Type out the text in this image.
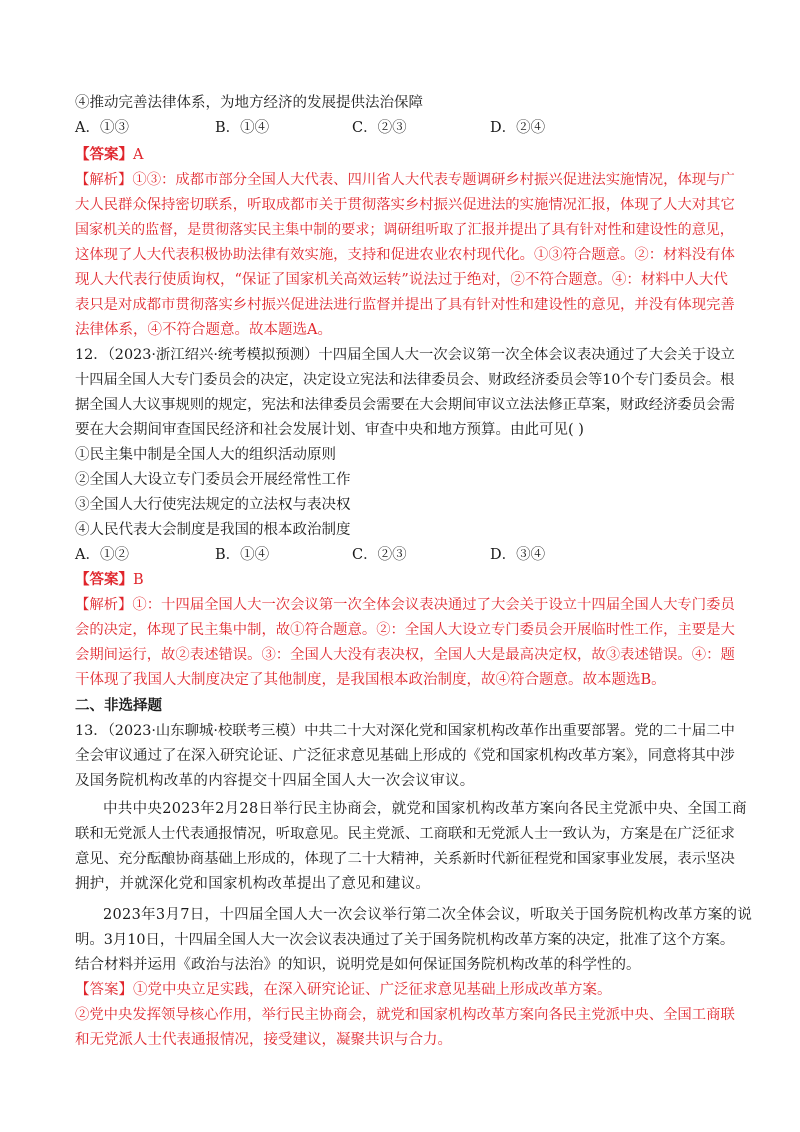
④推动完善法律体系，为地方经济的发展提供法治保障
A．①③	B．①④	C．②③	D．②④
【答案】A
【解析】①③：成都市部分全国人大代表、四川省人大代表专题调研乡村振兴促进法实施情况，体现与广
大人民群众保持密切联系，听取成都市关于贯彻落实乡村振兴促进法的实施情况汇报，体现了人大对其它
国家机关的监督，是贯彻落实民主集中制的要求；调研组听取了汇报并提出了具有针对性和建设性的意见，
这体现了人大代表积极协助法律有效实施，支持和促进农业农村现代化。①③符合题意。②：材料没有体
现人大代表行使质询权，“保证了国家机关高效运转”说法过于绝对，②不符合题意。④：材料中人大代
表只是对成都市贯彻落实乡村振兴促进法进行监督并提出了具有针对性和建设性的意见，并没有体现完善
法律体系，④不符合题意。故本题选A。
12．（2023·浙江绍兴·统考模拟预测）十四届全国人大一次会议第一次全体会议表决通过了大会关于设立
十四届全国人大专门委员会的决定，决定设立宪法和法律委员会、财政经济委员会等10个专门委员会。根
据全国人大议事规则的规定，宪法和法律委员会需要在大会期间审议立法法修正草案，财政经济委员会需
要在大会期间审查国民经济和社会发展计划、审查中央和地方预算。由此可见( )
①民主集中制是全国人大的组织活动原则
②全国人大设立专门委员会开展经常性工作
③全国人大行使宪法规定的立法权与表决权
④人民代表大会制度是我国的根本政治制度
A．①②	B．①④	C．②③	D．③④
【答案】B
【解析】①：十四届全国人大一次会议第一次全体会议表决通过了大会关于设立十四届全国人大专门委员
会的决定，体现了民主集中制，故①符合题意。②：全国人大设立专门委员会开展临时性工作，主要是大
会期间运行，故②表述错误。③：全国人大没有表决权，全国人大是最高决定权，故③表述错误。④：题
干体现了我国人大制度决定了其他制度，是我国根本政治制度，故④符合题意。故本题选B。
二、非选择题
13．（2023·山东聊城·校联考三模）中共二十大对深化党和国家机构改革作出重要部署。党的二十届二中
全会审议通过了在深入研究论证、广泛征求意见基础上形成的《党和国家机构改革方案》，同意将其中涉
及国务院机构改革的内容提交十四届全国人大一次会议审议。
中共中央2023年2月28日举行民主协商会，就党和国家机构改革方案向各民主党派中央、全国工商
联和无党派人士代表通报情况，听取意见。民主党派、工商联和无党派人士一致认为，方案是在广泛征求
意见、充分酝酿协商基础上形成的，体现了二十大精神，关系新时代新征程党和国家事业发展，表示坚决
拥护，并就深化党和国家机构改革提出了意见和建议。
2023年3月7日，十四届全国人大一次会议举行第二次全体会议，听取关于国务院机构改革方案的说
明。3月10日，十四届全国人大一次会议表决通过了关于国务院机构改革方案的决定，批准了这个方案。
结合材料并运用《政治与法治》的知识，说明党是如何保证国务院机构改革的科学性的。
【答案】①党中央立足实践，在深入研究论证、广泛征求意见基础上形成改革方案。
②党中央发挥领导核心作用，举行民主协商会，就党和国家机构改革方案向各民主党派中央、全国工商联
和无党派人士代表通报情况，接受建议，凝聚共识与合力。
